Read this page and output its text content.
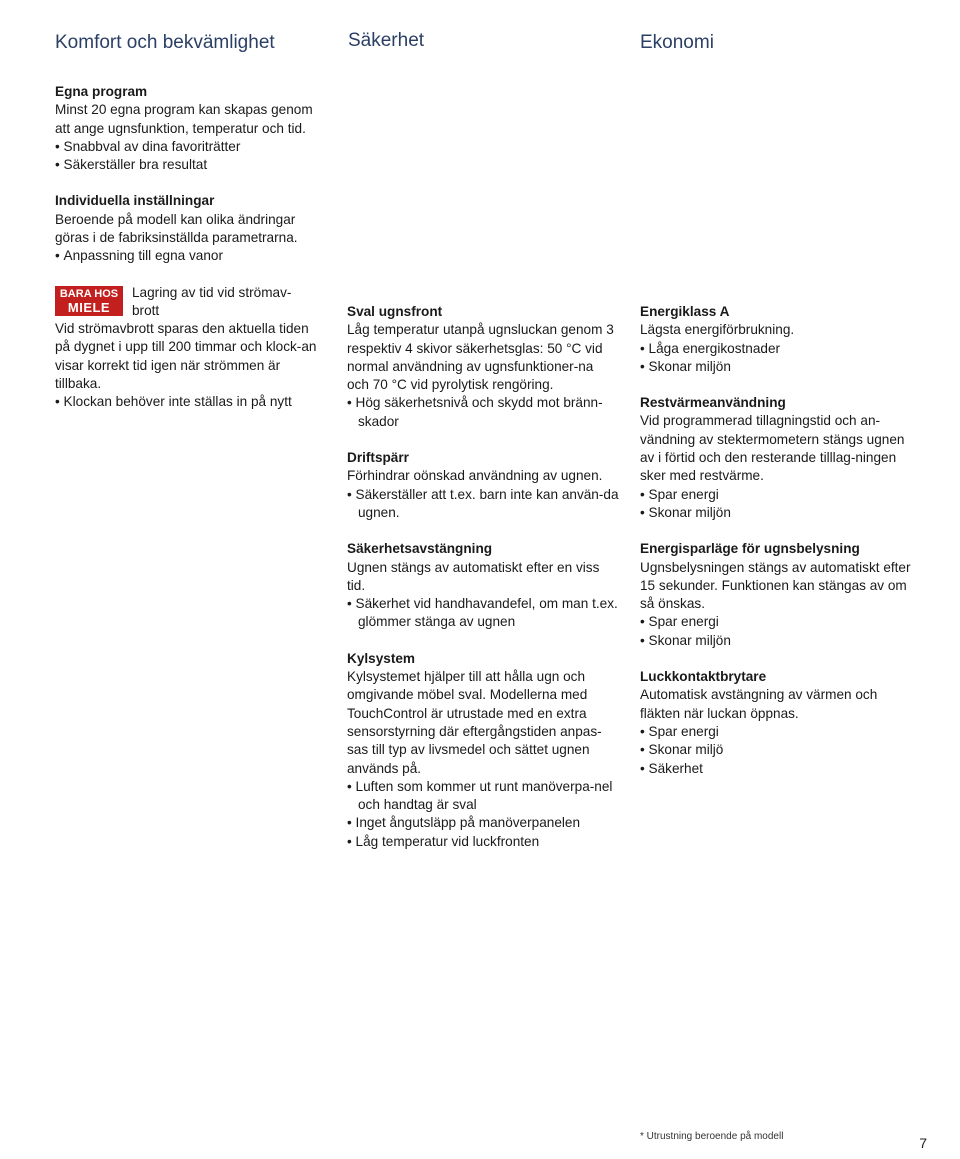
Komfort och bekvämlighet	Säkerhet	Ekonomi

Egna program

Minst 20 egna program kan skapas genom att ange ugnsfunktion, temperatur och tid.

• Snabbval av dina favoriträtter
• Säkerställer bra resultat

Individuella inställningar

Beroende på modell kan olika ändringar göras i de fabriksinställda parametrarna.

• Anpassning till egna vanor
BARA HOS
MIELE
Lagring av tid vid strömav-
brott

Vid strömavbrott sparas den aktuella tiden på dygnet i upp till 200 timmar och klock-an visar korrekt tid igen när strömmen är tillbaka.

• Klockan behöver inte ställas in på nytt

Sval ugnsfront

Låg temperatur utanpå ugnsluckan genom 3 respektiv 4 skivor säkerhetsglas: 50 °C vid normal användning av ugnsfunktioner-na och 70 °C vid pyrolytisk rengöring.

• Hög säkerhetsnivå och skydd mot bränn-skador

Driftspärr

Förhindrar oönskad användning av ugnen.

• Säkerställer att t.ex. barn inte kan använ-da ugnen.

Säkerhetsavstängning

Ugnen stängs av automatiskt efter en viss tid.

• Säkerhet vid handhavandefel, om man t.ex. glömmer stänga av ugnen

Kylsystem

Kylsystemet hjälper till att hålla ugn och omgivande möbel sval. Modellerna med TouchControl är utrustade med en extra sensorstyrning där eftergångstiden anpas-sas till typ av livsmedel och sättet ugnen används på.

• Luften som kommer ut runt manöverpa-nel och handtag är sval
• Inget ångutsläpp på manöverpanelen
• Låg temperatur vid luckfronten

Energiklass A

Lägsta energiförbrukning.

• Låga energikostnader
• Skonar miljön

Restvärmeanvändning

Vid programmerad tillagningstid och an-vändning av stektermometern stängs ugnen av i förtid och den resterande tilllag-ningen sker med restvärme.

• Spar energi
• Skonar miljön

Energisparläge för ugnsbelysning

Ugnsbelysningen stängs av automatiskt efter 15 sekunder. Funktionen kan stängas av om så önskas.

• Spar energi
• Skonar miljön

Luckkontaktbrytare

Automatisk avstängning av värmen och fläkten när luckan öppnas.

• Spar energi
• Skonar miljö
• Säkerhet
* Utrustning beroende på modell	7
